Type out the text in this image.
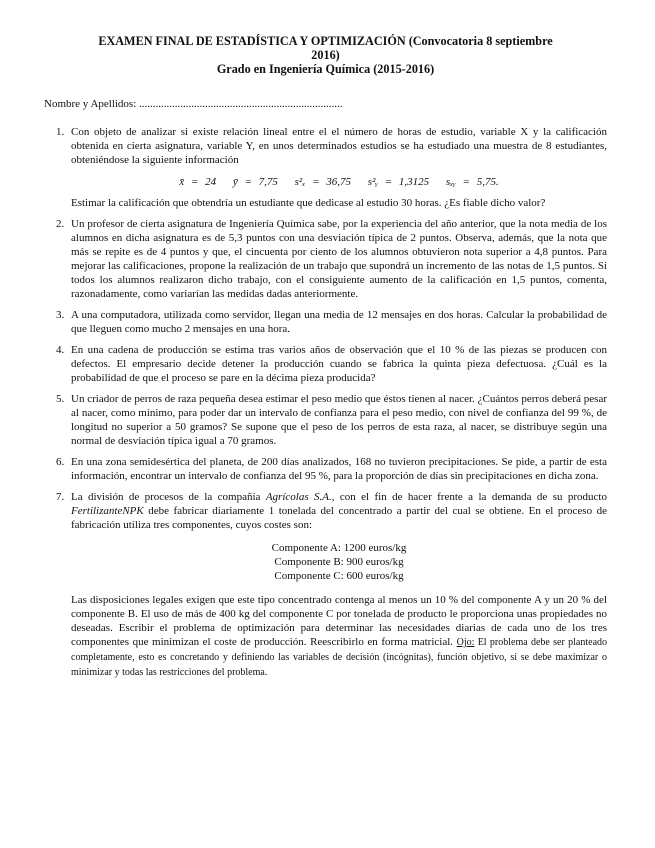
EXAMEN FINAL DE ESTADÍSTICA Y OPTIMIZACIÓN (Convocatoria 8 septiembre
2016)
Grado en Ingeniería Química (2015-2016)
Nombre y Apellidos: ..........................................................................
1. Con objeto de analizar si existe relación lineal entre el el número de horas de estudio, variable X y la calificación obtenida en cierta asignatura, variable Y, en unos determinados estudios se ha estudiado una muestra de 8 estudiantes, obteniéndose la siguiente información

x̄ = 24 ȳ = 7,75 s²ₓ = 36,75 s²ᵧ = 1,3125 sₓᵧ = 5,75.

Estimar la calificación que obtendría un estudiante que dedicase al estudio 30 horas. ¿Es fiable dicho valor?

2. Un profesor de cierta asignatura de Ingeniería Química sabe, por la experiencia del año anterior, que la nota media de los alumnos en dicha asignatura es de 5,3 puntos con una desviación típica de 2 puntos. Observa, además, que la nota que más se repite es de 4 puntos y que, el cincuenta por ciento de los alumnos obtuvieron nota superior a 4,8 puntos. Para mejorar las calificaciones, propone la realización de un trabajo que supondrá un incremento de las notas de 1,5 puntos. Si todos los alumnos realizaron dicho trabajo, con el consiguiente aumento de la calificación en 1,5 puntos, comenta, razonadamente, como variarían las medidas dadas anteriormente.

3. A una computadora, utilizada como servidor, llegan una media de 12 mensajes en dos horas. Calcular la probabilidad de que lleguen como mucho 2 mensajes en una hora.

4. En una cadena de producción se estima tras varios años de observación que el 10 % de las piezas se producen con defectos. El empresario decide detener la producción cuando se fabrica la quinta pieza defectuosa. ¿Cuál es la probabilidad de que el proceso se pare en la décima pieza producida?

5. Un criador de perros de raza pequeña desea estimar el peso medio que éstos tienen al nacer. ¿Cuántos perros deberá pesar al nacer, como mínimo, para poder dar un intervalo de confianza para el peso medio, con nivel de confianza del 99 %, de longitud no superior a 50 gramos? Se supone que el peso de los perros de esta raza, al nacer, se distribuye según una normal de desviación típica igual a 70 gramos.

6. En una zona semidesértica del planeta, de 200 días analizados, 168 no tuvieron precipitaciones. Se pide, a partir de esta información, encontrar un intervalo de confianza del 95 %, para la proporción de días sin precipitaciones en dicha zona.

7. La división de procesos de la compañía Agrícolas S.A., con el fin de hacer frente a la demanda de su producto FertilizanteNPK debe fabricar diariamente 1 tonelada del concentrado a partir del cual se obtiene. En el proceso de fabricación utiliza tres componentes, cuyos costes son:

Componente A: 1200 euros/kg
Componente B: 900 euros/kg
Componente C: 600 euros/kg

Las disposiciones legales exigen que este tipo concentrado contenga al menos un 10 % del componente A y un 20 % del componente B. El uso de más de 400 kg del componente C por tonelada de producto le proporciona unas propiedades no deseadas. Escribir el problema de optimización para determinar las necesidades diarias de cada uno de los tres componentes que minimizan el coste de producción. Reescribirlo en forma matricial. Ojo: El problema debe ser planteado completamente, esto es concretando y definiendo las variables de decisión (incógnitas), función objetivo, si se debe maximizar o minimizar y todas las restricciones del problema.
